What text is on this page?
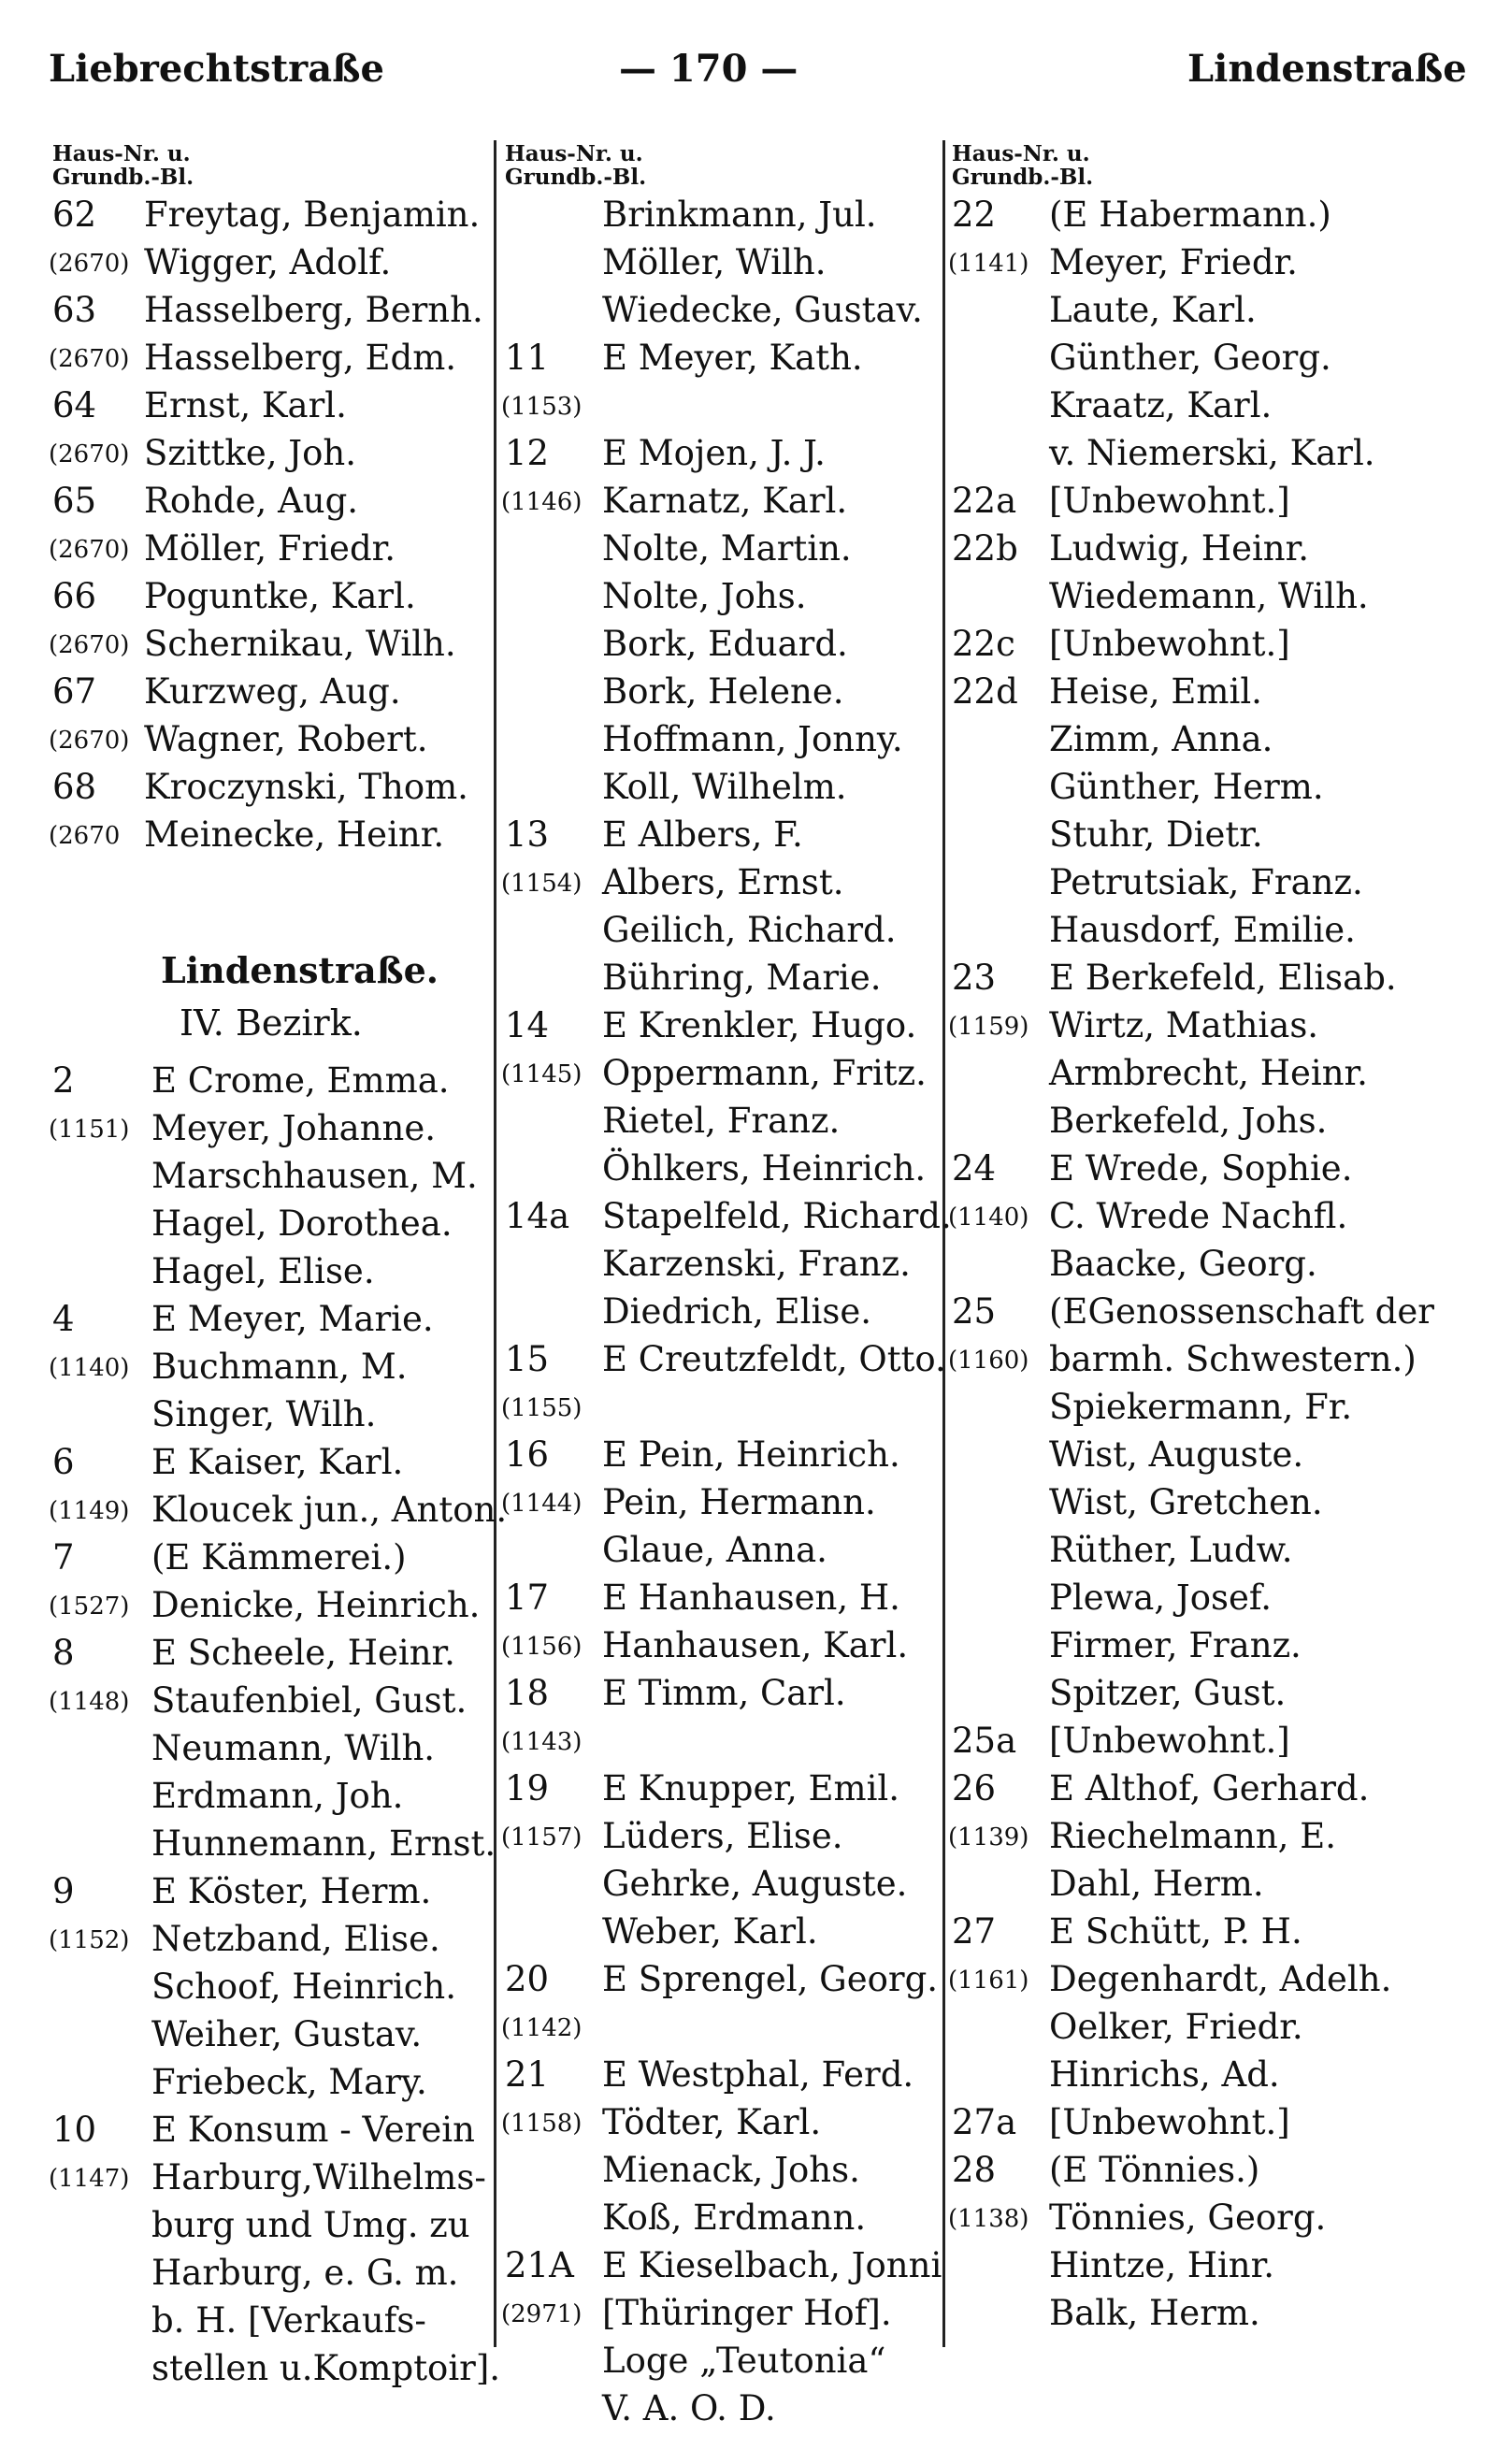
Liebrechtstraße	— 170 —	Lindenstraße
Haus-Nr. u.
Grundb.-Bl.
62 Freytag, Benjamin.
(2670) Wigger, Adolf.
63 Hasselberg, Bernh.
(2670) Hasselberg, Edm.
64 Ernst, Karl.
(2670) Szittke, Joh.
65 Rohde, Aug.
(2670) Möller, Friedr.
66 Poguntke, Karl.
(2670) Schernikau, Wilh.
67 Kurzweg, Aug.
(2670) Wagner, Robert.
68 Kroczynski, Thom.
(2670 Meinecke, Heinr.
Lindenstraße.
IV. Bezirk.
2 E Crome, Emma.
(1151) Meyer, Johanne.
Marschhausen, M.
Hagel, Dorothea.
Hagel, Elise.
4 E Meyer, Marie.
(1140) Buchmann, M.
Singer, Wilh.
6 E Kaiser, Karl.
(1149) Kloucek jun., Anton.
7 (E Kämmerei.)
(1527) Denicke, Heinrich.
8 E Scheele, Heinr.
(1148) Staufenbiel, Gust.
Neumann, Wilh.
Erdmann, Joh.
Hunnemann, Ernst.
9 E Köster, Herm.
(1152) Netzband, Elise.
Schoof, Heinrich.
Weiher, Gustav.
Friebeck, Mary.
10 E Konsum - Verein
(1147) Harburg,Wilhelms-
burg und Umg. zu
Harburg, e. G. m.
b. H. [Verkaufs-
stellen u.Komptoir].
Haus-Nr. u.
Grundb.-Bl.
Brinkmann, Jul.
Möller, Wilh.
Wiedecke, Gustav.
11 E Meyer, Kath.
(1153)
12 E Mojen, J. J.
(1146) Karnatz, Karl.
Nolte, Martin.
Nolte, Johs.
Bork, Eduard.
Bork, Helene.
Hoffmann, Jonny.
Koll, Wilhelm.
13 E Albers, F.
(1154) Albers, Ernst.
Geilich, Richard.
Bühring, Marie.
14 E Krenkler, Hugo.
(1145) Oppermann, Fritz.
Rietel, Franz.
Öhlkers, Heinrich.
14a Stapelfeld, Richard.
Karzenski, Franz.
Diedrich, Elise.
15 E Creutzfeldt, Otto.
(1155)
16 E Pein, Heinrich.
(1144) Pein, Hermann.
Glaue, Anna.
17 E Hanhausen, H.
(1156) Hanhausen, Karl.
18 E Timm, Carl.
(1143)
19 E Knupper, Emil.
(1157) Lüders, Elise.
Gehrke, Auguste.
Weber, Karl.
20 E Sprengel, Georg.
(1142)
21 E Westphal, Ferd.
(1158) Tödter, Karl.
Mienack, Johs.
Koß, Erdmann.
21A E Kieselbach, Jonni
(2971) [Thüringer Hof].
Loge „Teutonia“
V. A. O. D.
Haus-Nr. u.
Grundb.-Bl.
22 (E Habermann.)
(1141) Meyer, Friedr.
Laute, Karl.
Günther, Georg.
Kraatz, Karl.
v. Niemerski, Karl.
22a [Unbewohnt.]
22b Ludwig, Heinr.
Wiedemann, Wilh.
22c [Unbewohnt.]
22d Heise, Emil.
Zimm, Anna.
Günther, Herm.
Stuhr, Dietr.
Petrutsiak, Franz.
Hausdorf, Emilie.
23 E Berkefeld, Elisab.
(1159) Wirtz, Mathias.
Armbrecht, Heinr.
Berkefeld, Johs.
24 E Wrede, Sophie.
(1140) C. Wrede Nachfl.
Baacke, Georg.
25 (EGenossenschaft der
(1160) barmh. Schwestern.)
Spiekermann, Fr.
Wist, Auguste.
Wist, Gretchen.
Rüther, Ludw.
Plewa, Josef.
Firmer, Franz.
Spitzer, Gust.
25a [Unbewohnt.]
26 E Althof, Gerhard.
(1139) Riechelmann, E.
Dahl, Herm.
27 E Schütt, P. H.
(1161) Degenhardt, Adelh.
Oelker, Friedr.
Hinrichs, Ad.
27a [Unbewohnt.]
28 (E Tönnies.)
(1138) Tönnies, Georg.
Hintze, Hinr.
Balk, Herm.
